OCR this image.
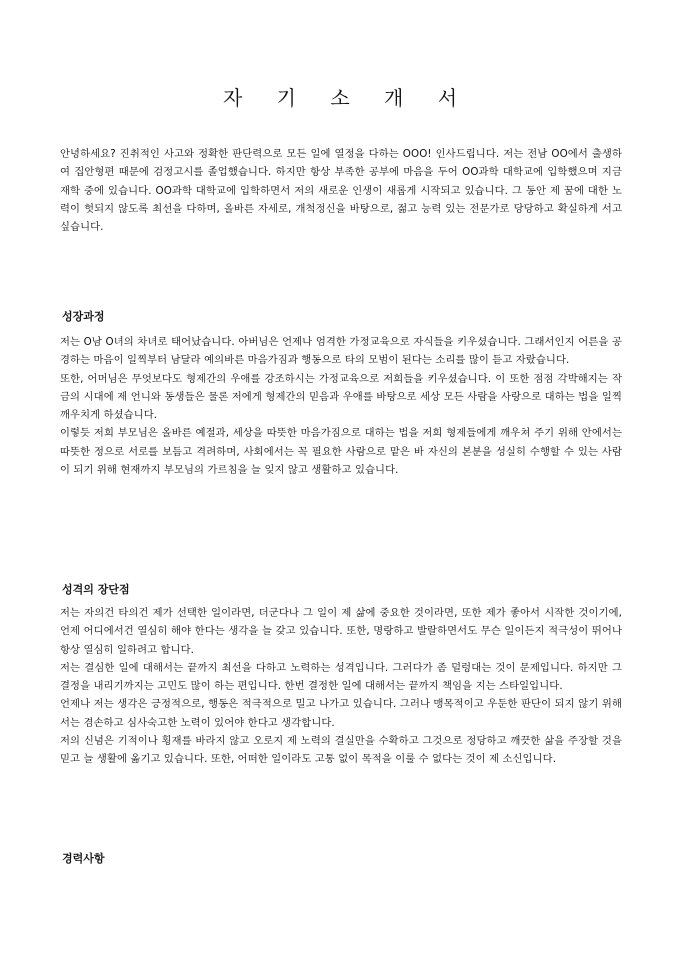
자 기 소 개 서

안녕하세요? 진취적인 사고와 정확한 판단력으로 모든 일에 열정을 다하는 OOO! 인사드립니다. 저는 전남 OO에서 출생하여 집안형편 때문에 검정고시를 졸업했습니다. 하지만 항상 부족한 공부에 마음을 두어 OO과학 대학교에 입학했으며 지금 재학 중에 있습니다. OO과학 대학교에 입학하면서 저의 새로운 인생이 새롭게 시작되고 있습니다. 그 동안 제 꿈에 대한 노력이 헛되지 않도록 최선을 다하며, 올바른 자세로, 개척정신을 바탕으로, 젊고 능력 있는 전문가로 당당하고 확실하게 서고 싶습니다.

성장과정
저는 O남 O녀의 차녀로 태어났습니다. 아버님은 언제나 엄격한 가정교육으로 자식들을 키우셨습니다. 그래서인지 어른을 공경하는 마음이 일찍부터 남달라 예의바른 마음가짐과 행동으로 타의 모범이 된다는 소리를 많이 듣고 자랐습니다.
또한, 어머님은 무엇보다도 형제간의 우애를 강조하시는 가정교육으로 저희들을 키우셨습니다. 이 또한 점점 각박해지는 작금의 시대에 제 언니와 동생들은 물론 저에게 형제간의 믿음과 우애를 바탕으로 세상 모든 사람을 사랑으로 대하는 법을 일찍 깨우치게 하셨습니다.
이렇듯 저희 부모님은 올바른 예절과, 세상을 따뜻한 마음가짐으로 대하는 법을 저희 형제들에게 깨우쳐 주기 위해 안에서는 따뜻한 정으로 서로를 보듬고 격려하며, 사회에서는 꼭 필요한 사람으로 맡은 바 자신의 본분을 성실히 수행할 수 있는 사람이 되기 위해 현재까지 부모님의 가르침을 늘 잊지 않고 생활하고 있습니다.
성격의 장단점
저는 자의건 타의건 제가 선택한 일이라면, 더군다나 그 일이 제 삶에 중요한 것이라면, 또한 제가 좋아서 시작한 것이기에, 언제 어디에서건 열심히 해야 한다는 생각을 늘 갖고 있습니다. 또한, 명랑하고 발랄하면서도 무슨 일이든지 적극성이 뛰어나 항상 열심히 일하려고 합니다.
저는 결심한 일에 대해서는 끝까지 최선을 다하고 노력하는 성격입니다. 그러다가 좀 덜렁대는 것이 문제입니다. 하지만 그 결정을 내리기까지는 고민도 많이 하는 편입니다. 한번 결정한 일에 대해서는 끝까지 책임을 지는 스타일입니다.
언제나 저는 생각은 긍정적으로, 행동은 적극적으로 밀고 나가고 있습니다. 그러나 맹목적이고 우둔한 판단이 되지 않기 위해서는 겸손하고 심사숙고한 노력이 있어야 한다고 생각합니다.
저의 신념은 기적이나 횡재를 바라지 않고 오로지 제 노력의 결실만을 수확하고 그것으로 정당하고 깨끗한 삶을 주장할 것을 믿고 늘 생활에 옮기고 있습니다. 또한, 어떠한 일이라도 고통 없이 목적을 이룰 수 없다는 것이 제 소신입니다.
경력사항
